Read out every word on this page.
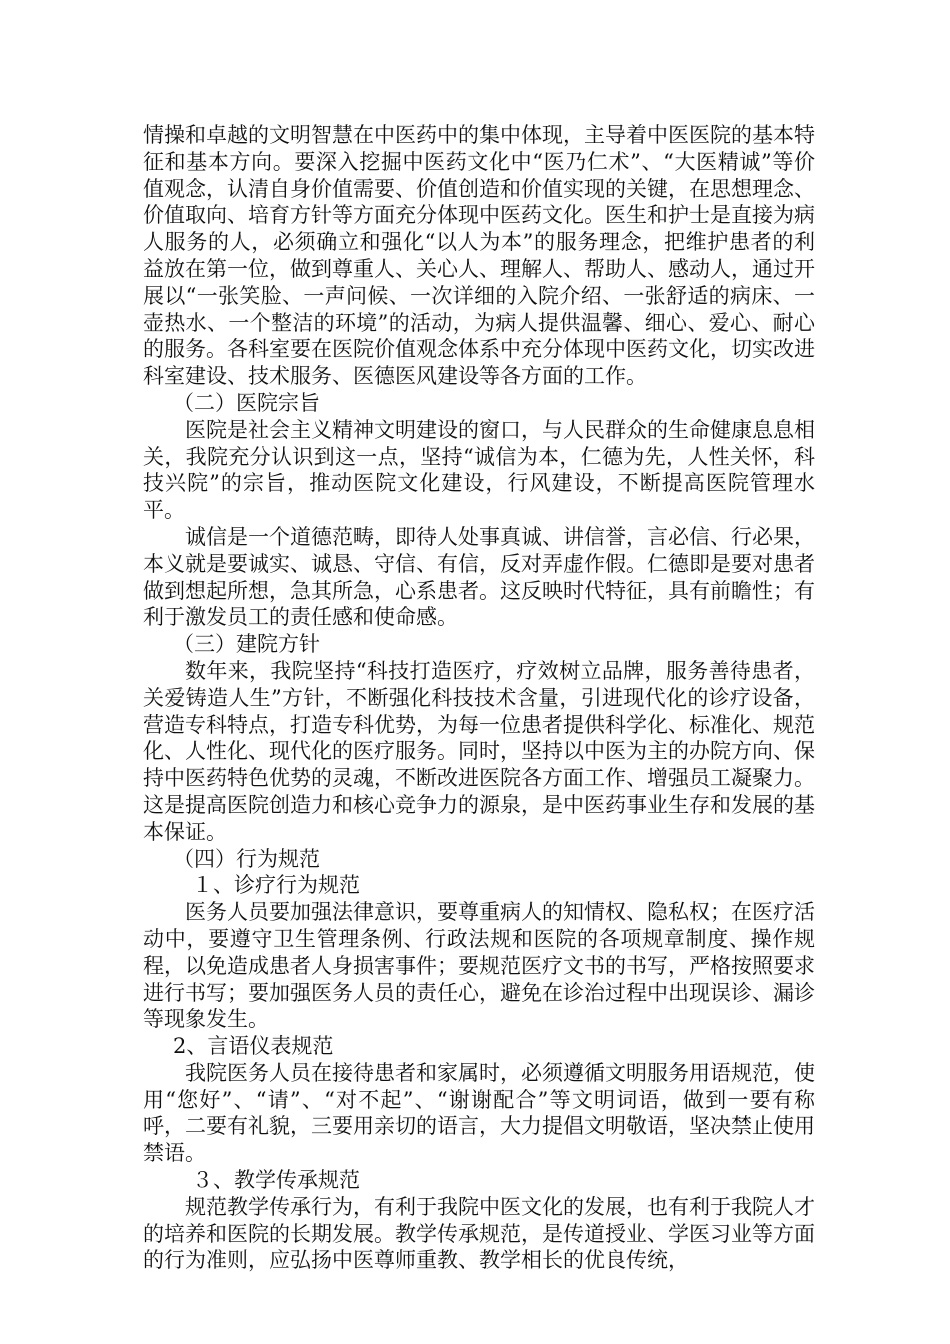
情操和卓越的文明智慧在中医药中的集中体现，主导着中医医院的基本特征和基本方向。要深入挖掘中医药文化中“医乃仁术”、“大医精诚”等价值观念，认清自身价值需要、价值创造和价值实现的关键，在思想理念、价值取向、培育方针等方面充分体现中医药文化。医生和护士是直接为病人服务的人，必须确立和强化“以人为本”的服务理念，把维护患者的利益放在第一位，做到尊重人、关心人、理解人、帮助人、感动人，通过开展以“一张笑脸、一声问候、一次详细的入院介绍、一张舒适的病床、一壶热水、一个整洁的环境”的活动，为病人提供温馨、细心、爱心、耐心的服务。各科室要在医院价值观念体系中充分体现中医药文化，切实改进科室建设、技术服务、医德医风建设等各方面的工作。

（二）医院宗旨

医院是社会主义精神文明建设的窗口，与人民群众的生命健康息息相关，我院充分认识到这一点，坚持“诚信为本，仁德为先，人性关怀，科技兴院”的宗旨，推动医院文化建设，行风建设，不断提高医院管理水平。

诚信是一个道德范畴，即待人处事真诚、讲信誉，言必信、行必果，本义就是要诚实、诚恳、守信、有信，反对弄虚作假。仁德即是要对患者做到想起所想，急其所急，心系患者。这反映时代特征，具有前瞻性；有利于激发员工的责任感和使命感。

（三）建院方针

数年来，我院坚持“科技打造医疗，疗效树立品牌，服务善待患者，关爱铸造人生”方针，不断强化科技技术含量，引进现代化的诊疗设备，营造专科特点，打造专科优势，为每一位患者提供科学化、标准化、规范化、人性化、现代化的医疗服务。同时，坚持以中医为主的办院方向、保持中医药特色优势的灵魂，不断改进医院各方面工作、增强员工凝聚力。这是提高医院创造力和核心竞争力的源泉，是中医药事业生存和发展的基本保证。

（四）行为规范

１、诊疗行为规范

医务人员要加强法律意识，要尊重病人的知情权、隐私权；在医疗活动中，要遵守卫生管理条例、行政法规和医院的各项规章制度、操作规程，以免造成患者人身损害事件；要规范医疗文书的书写，严格按照要求进行书写；要加强医务人员的责任心，避免在诊治过程中出现误诊、漏诊等现象发生。

2、言语仪表规范

我院医务人员在接待患者和家属时，必须遵循文明服务用语规范，使用“您好”、“请”、“对不起”、“谢谢配合”等文明词语，做到一要有称呼，二要有礼貌，三要用亲切的语言，大力提倡文明敬语，坚决禁止使用禁语。

３、教学传承规范

规范教学传承行为，有利于我院中医文化的发展，也有利于我院人才的培养和医院的长期发展。教学传承规范，是传道授业、学医习业等方面的行为准则，应弘扬中医尊师重教、教学相长的优良传统，
